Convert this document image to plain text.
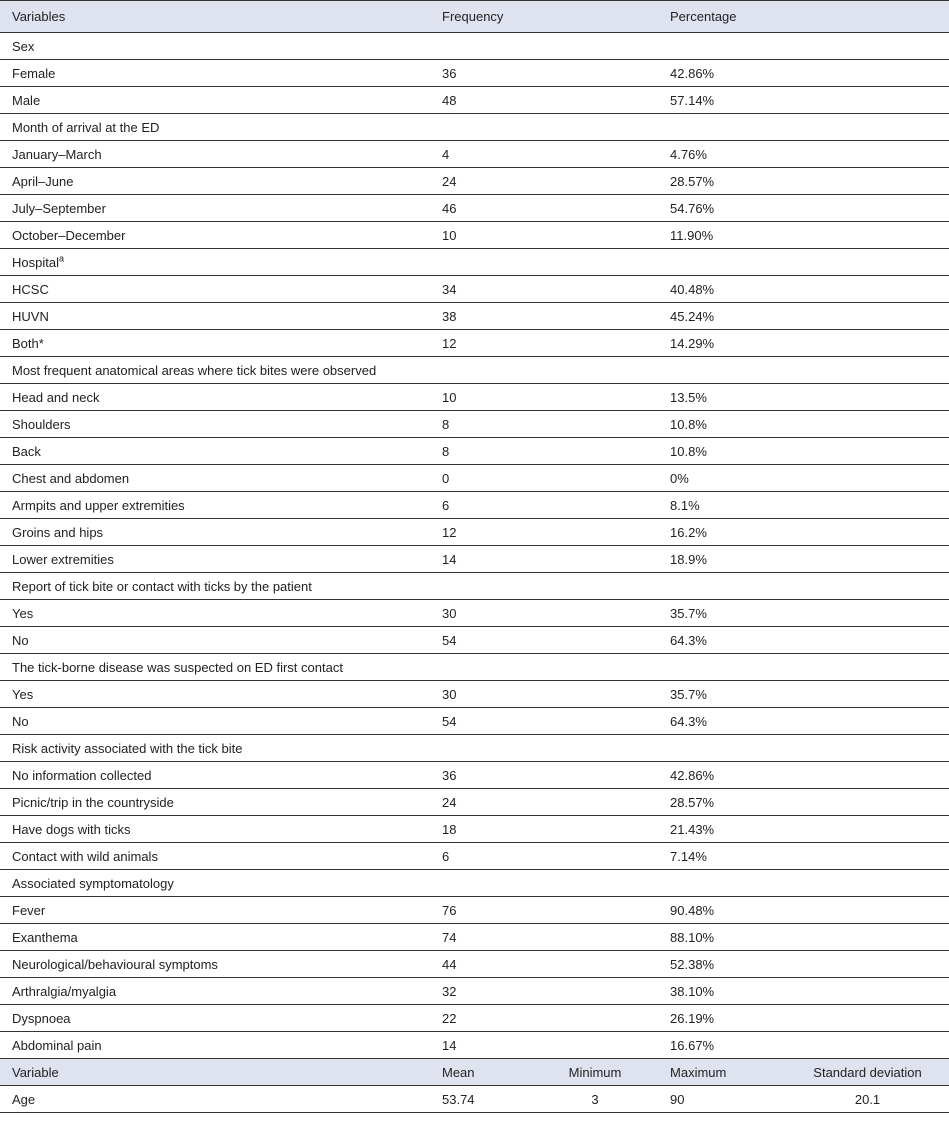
Variables	Frequency		Percentage	
Sex				
Female	36		42.86%	
Male	48		57.14%	
Month of arrival at the ED				
January–March	4		4.76%	
April–June	24		28.57%	
July–September	46		54.76%	
October–December	10		11.90%	
Hospital$^a$
HCSC	34		40.48%	
HUVN	38		45.24%	
Both*	12		14.29%	
Most frequent anatomical areas where tick bites were observed				
Head and neck	10		13.5%	
Shoulders	8		10.8%	
Back	8		10.8%	
Chest and abdomen	0		0%	
Armpits and upper extremities	6		8.1%	
Groins and hips	12		16.2%	
Lower extremities	14		18.9%	
Report of tick bite or contact with ticks by the patient				
Yes	30		35.7%	
No	54		64.3%	
The tick-borne disease was suspected on ED first contact				
Yes	30		35.7%	
No	54		64.3%	
Risk activity associated with the tick bite				
No information collected	36		42.86%	
Picnic/trip in the countryside	24		28.57%	
Have dogs with ticks	18		21.43%	
Contact with wild animals	6		7.14%	
Associated symptomatology				
Fever	76		90.48%	
Exanthema	74		88.10%	
Neurological/behavioural symptoms	44		52.38%	
Arthralgia/myalgia	32		38.10%	
Dyspnoea	22		26.19%	
Abdominal pain	14		16.67%	
Variable	Mean	Minimum	Maximum	Standard deviation
Age	53.74	3	90	20.1
